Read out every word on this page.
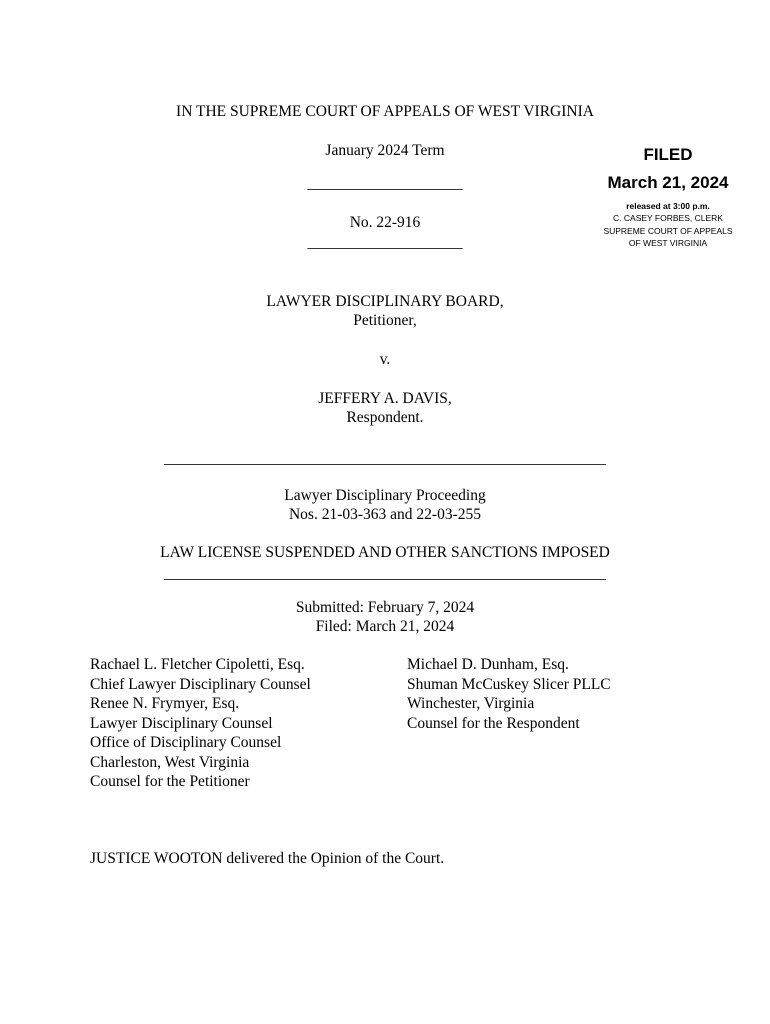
IN THE SUPREME COURT OF APPEALS OF WEST VIRGINIA
January 2024 Term
____________________
No. 22-916
____________________
FILED
March 21, 2024
released at 3:00 p.m.
C. CASEY FORBES, CLERK
SUPREME COURT OF APPEALS
OF WEST VIRGINIA
LAWYER DISCIPLINARY BOARD,
Petitioner,
v.
JEFFERY A. DAVIS,
Respondent.
_________________________________________________________
Lawyer Disciplinary Proceeding
Nos. 21-03-363 and 22-03-255
LAW LICENSE SUSPENDED AND OTHER SANCTIONS IMPOSED
_________________________________________________________
Submitted: February 7, 2024
Filed: March 21, 2024
Rachael L. Fletcher Cipoletti, Esq.
Chief Lawyer Disciplinary Counsel
Renee N. Frymyer, Esq.
Lawyer Disciplinary Counsel
Office of Disciplinary Counsel
Charleston, West Virginia
Counsel for the Petitioner
Michael D. Dunham, Esq.
Shuman McCuskey Slicer PLLC
Winchester, Virginia
Counsel for the Respondent
JUSTICE WOOTON delivered the Opinion of the Court.
